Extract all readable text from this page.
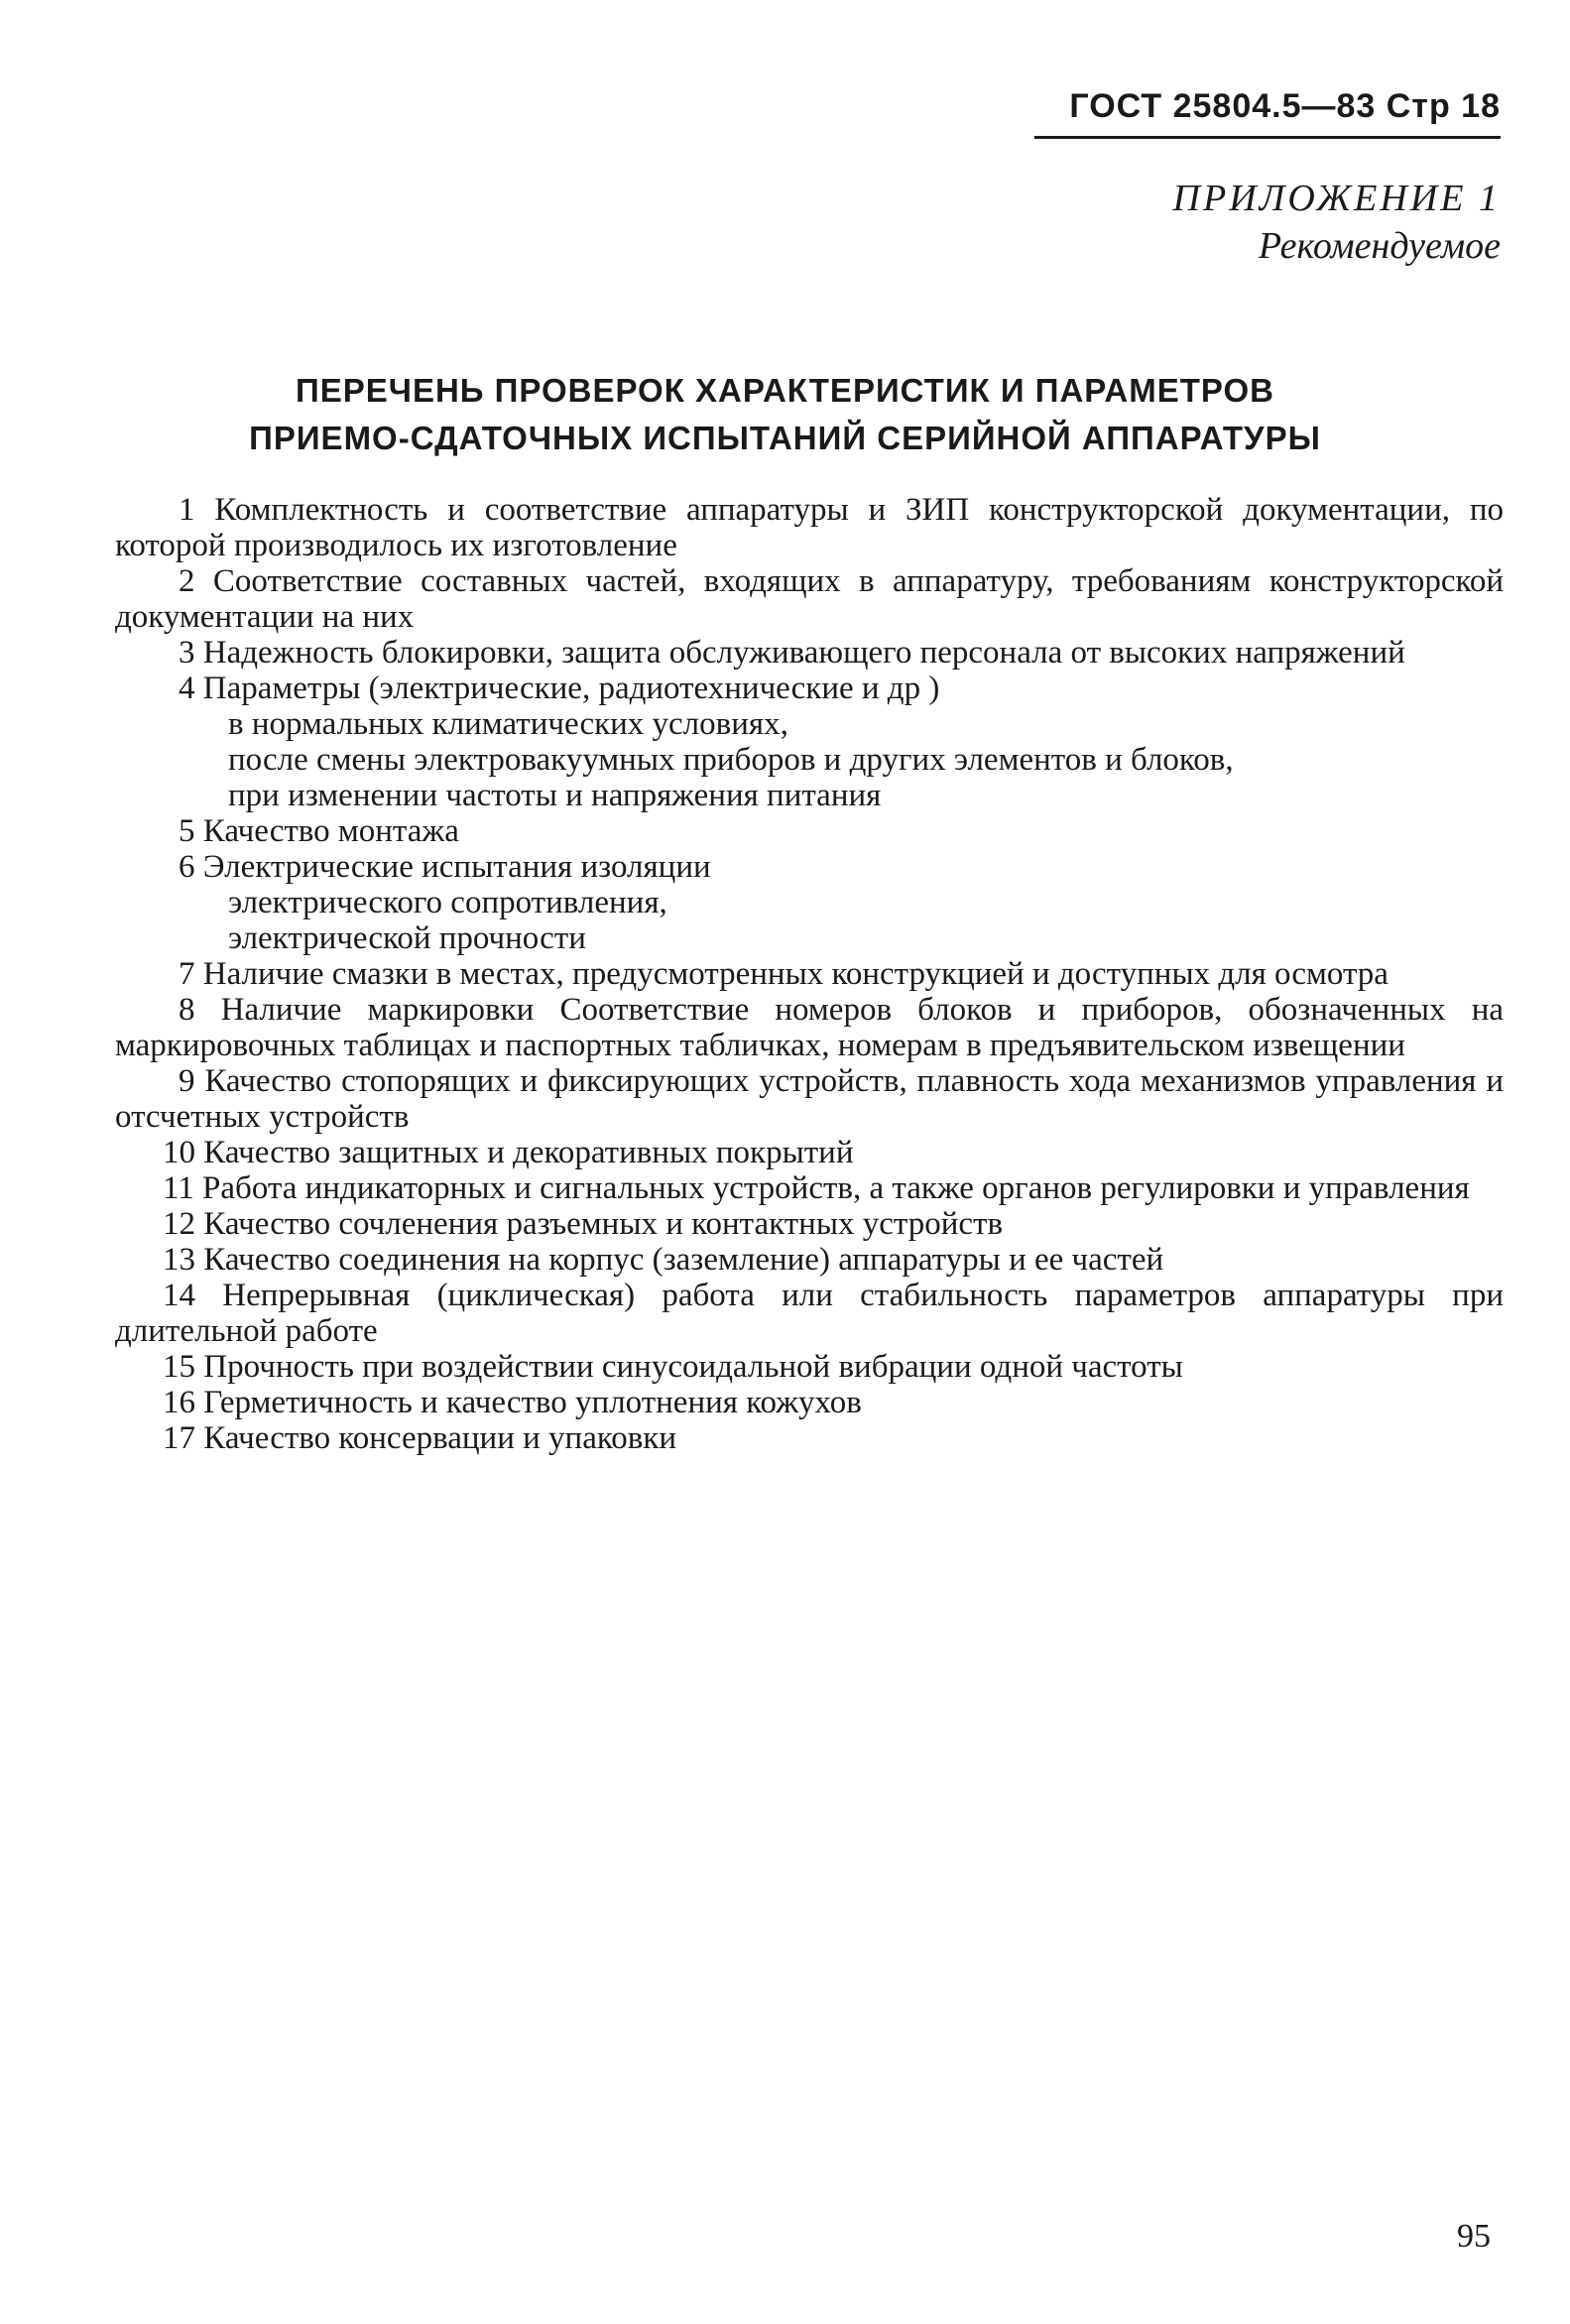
ГОСТ 25804.5—83 Стр 18
ПРИЛОЖЕНИЕ 1
Рекомендуемое
ПЕРЕЧЕНЬ ПРОВЕРОК ХАРАКТЕРИСТИК И ПАРАМЕТРОВ
ПРИЕМО-СДАТОЧНЫХ ИСПЫТАНИЙ СЕРИЙНОЙ АППАРАТУРЫ

1 Комплектность и соответствие аппаратуры и ЗИП конструкторской документации, по которой производилось их изготовление

2 Соответствие составных частей, входящих в аппаратуру, требованиям конструкторской документации на них

3 Надежность блокировки, защита обслуживающего персонала от высоких напряжений

4 Параметры (электрические, радиотехнические и др )

в нормальных климатических условиях,

после смены электровакуумных приборов и других элементов и блоков,

при изменении частоты и напряжения питания

5 Качество монтажа

6 Электрические испытания изоляции

электрического сопротивления,

электрической прочности

7 Наличие смазки в местах, предусмотренных конструкцией и доступных для осмотра

8 Наличие маркировки Соответствие номеров блоков и приборов, обозначенных на маркировочных таблицах и паспортных табличках, номерам в предъявительском извещении

9 Качество стопорящих и фиксирующих устройств, плавность хода механизмов управления и отсчетных устройств

10 Качество защитных и декоративных покрытий

11 Работа индикаторных и сигнальных устройств, а также органов регулировки и управления

12 Качество сочленения разъемных и контактных устройств

13 Качество соединения на корпус (заземление) аппаратуры и ее частей

14 Непрерывная (циклическая) работа или стабильность параметров аппаратуры при длительной работе

15 Прочность при воздействии синусоидальной вибрации одной частоты

16 Герметичность и качество уплотнения кожухов

17 Качество консервации и упаковки

95
